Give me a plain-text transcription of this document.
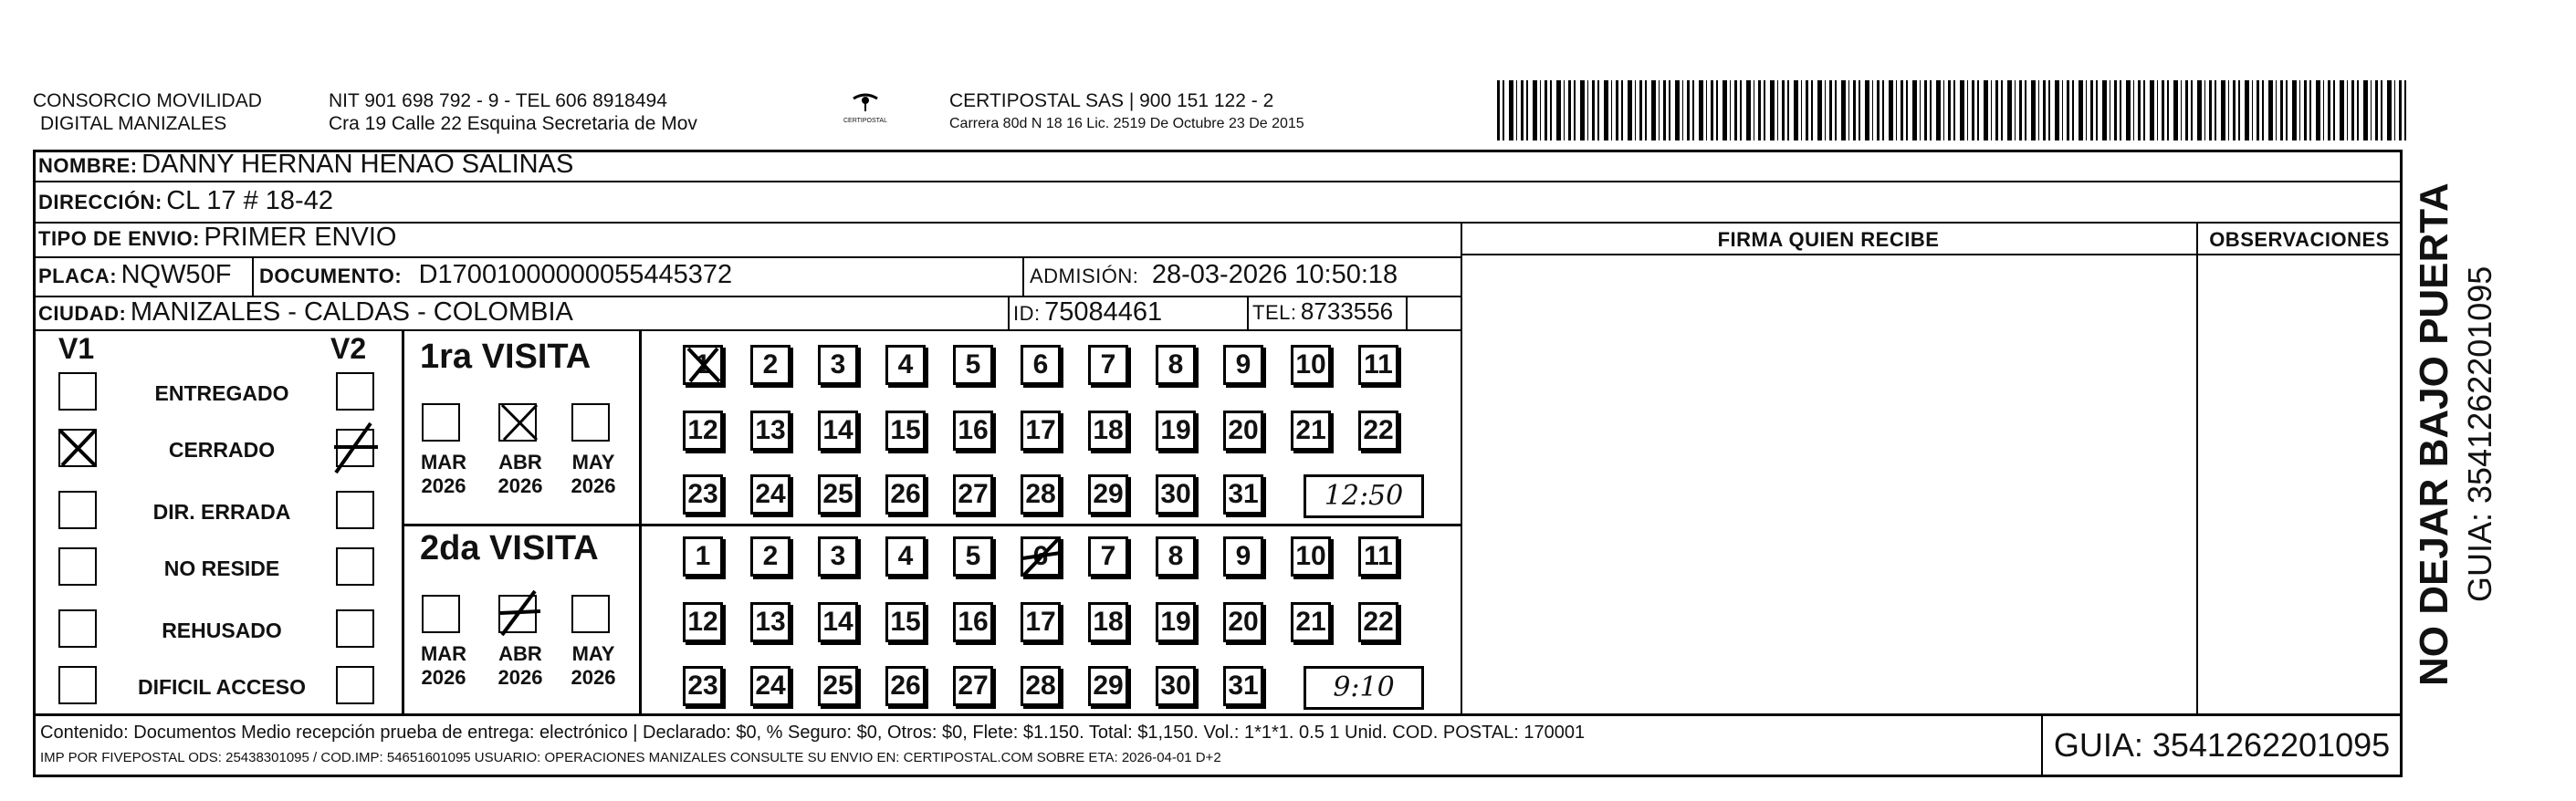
CONSORCIO MOVILIDAD
DIGITAL MANIZALES
NIT 901 698 792 - 9 - TEL 606 8918494
Cra 19 Calle 22 Esquina Secretaria de Mov	CERTIPOSTAL
CERTIPOSTAL SAS | 900 151 122 - 2
Carrera 80d N 18 16 Lic. 2519 De Octubre 23 De 2015
NOMBRE: DANNY HERNAN HENAO SALINAS
DIRECCIÓN: CL 17 # 18-42
TIPO DE ENVIO: PRIMER ENVIO
PLACA: NQW50F DOCUMENTO: D17001000000055445372	ADMISIÓN: 28-03-2026 10:50:18
CIUDAD: MANIZALES - CALDAS - COLOMBIA	ID: 75084461	TEL: 8733556
FIRMA QUIEN RECIBE	OBSERVACIONES
V1	V2
ENTREGADO
CERRADO
DIR. ERRADA
NO RESIDE
REHUSADO
DIFICIL ACCESO
1ra VISITA
MAR
2026
ABR
2026
MAY
2026
1	2	3	4	5	6	7	8	9	10 11
12 13 14 15 16 17 18 19 20 21 22
23 24 25 26 27 28 29 30 31	12:50
2da VISITA
MAR
2026
ABR
2026
MAY
2026
1	2	3	4	5	6	7	8	9	10 11
12 13 14 15 16 17 18 19 20 21 22
23 24 25 26 27 28 29 30 31	9:10
Contenido: Documentos Medio recepción prueba de entrega: electrónico | Declarado: $0, % Seguro: $0, Otros: $0, Flete: $1.150. Total: $1,150. Vol.: 1*1*1. 0.5 1 Unid. COD. POSTAL: 170001
IMP POR FIVEPOSTAL ODS: 25438301095 / COD.IMP: 54651601095 USUARIO: OPERACIONES MANIZALES CONSULTE SU ENVIO EN: CERTIPOSTAL.COM SOBRE ETA: 2026-04-01 D+2	GUIA: 3541262201095
NO DEJAR BAJO PUERTA GUIA: 3541262201095
